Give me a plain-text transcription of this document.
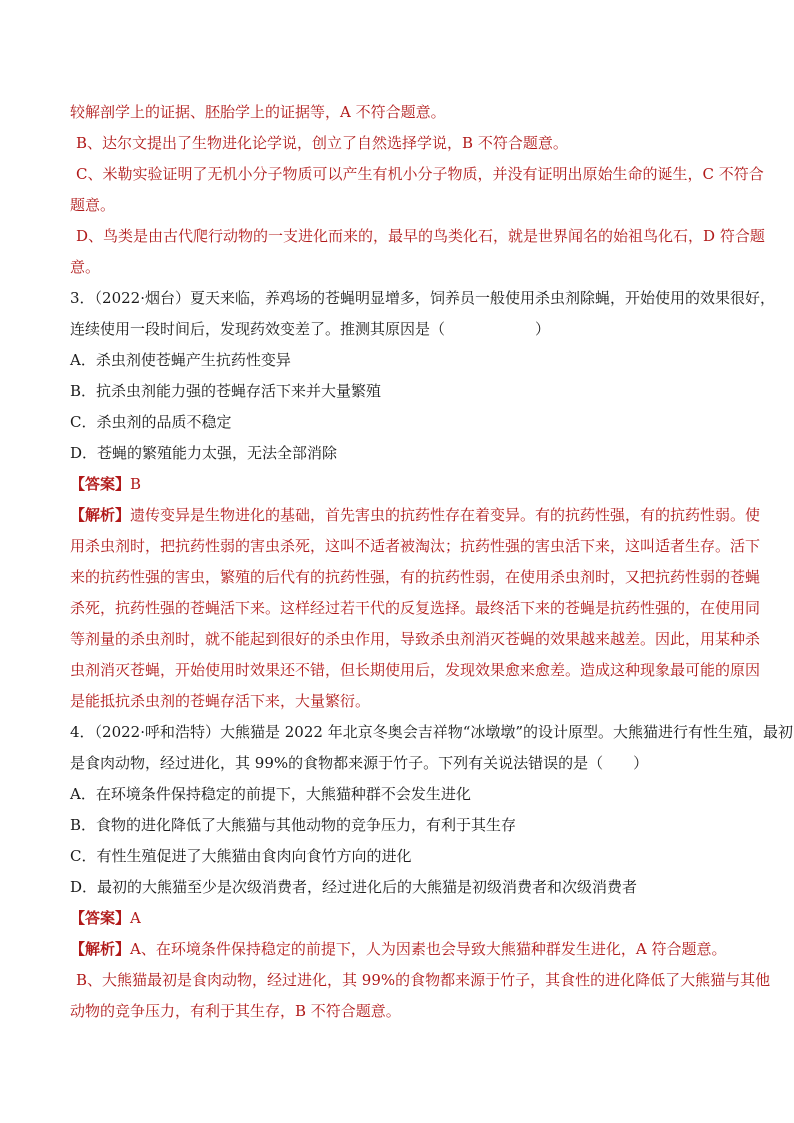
较解剖学上的证据、胚胎学上的证据等，A 不符合题意。
B、达尔文提出了生物进化论学说，创立了自然选择学说，B 不符合题意。
C、米勒实验证明了无机小分子物质可以产生有机小分子物质，并没有证明出原始生命的诞生，C 不符合
题意。
D、鸟类是由古代爬行动物的一支进化而来的，最早的鸟类化石，就是世界闻名的始祖鸟化石，D 符合题
意。
3．（2022·烟台）夏天来临，养鸡场的苍蝇明显增多，饲养员一般使用杀虫剂除蝇，开始使用的效果很好，
连续使用一段时间后，发现药效变差了。推测其原因是（　　　　　　）
A．杀虫剂使苍蝇产生抗药性变异
B．抗杀虫剂能力强的苍蝇存活下来并大量繁殖
C．杀虫剂的品质不稳定
D．苍蝇的繁殖能力太强，无法全部消除
【答案】B
【解析】遗传变异是生物进化的基础，首先害虫的抗药性存在着变异。有的抗药性强，有的抗药性弱。使
用杀虫剂时，把抗药性弱的害虫杀死，这叫不适者被淘汰；抗药性强的害虫活下来，这叫适者生存。活下
来的抗药性强的害虫，繁殖的后代有的抗药性强，有的抗药性弱，在使用杀虫剂时，又把抗药性弱的苍蝇
杀死，抗药性强的苍蝇活下来。这样经过若干代的反复选择。最终活下来的苍蝇是抗药性强的，在使用同
等剂量的杀虫剂时，就不能起到很好的杀虫作用，导致杀虫剂消灭苍蝇的效果越来越差。因此，用某种杀
虫剂消灭苍蝇，开始使用时效果还不错，但长期使用后，发现效果愈来愈差。造成这种现象最可能的原因
是能抵抗杀虫剂的苍蝇存活下来，大量繁衍。
4．（2022·呼和浩特）大熊猫是 2022 年北京冬奥会吉祥物“冰墩墩”的设计原型。大熊猫进行有性生殖，最初
是食肉动物，经过进化，其 99%的食物都来源于竹子。下列有关说法错误的是（　　）
A．在环境条件保持稳定的前提下，大熊猫种群不会发生进化
B．食物的进化降低了大熊猫与其他动物的竞争压力，有利于其生存
C．有性生殖促进了大熊猫由食肉向食竹方向的进化
D．最初的大熊猫至少是次级消费者，经过进化后的大熊猫是初级消费者和次级消费者
【答案】A
【解析】A、在环境条件保持稳定的前提下，人为因素也会导致大熊猫种群发生进化，A 符合题意。
B、大熊猫最初是食肉动物，经过进化，其 99%的食物都来源于竹子，其食性的进化降低了大熊猫与其他
动物的竞争压力，有利于其生存，B 不符合题意。
